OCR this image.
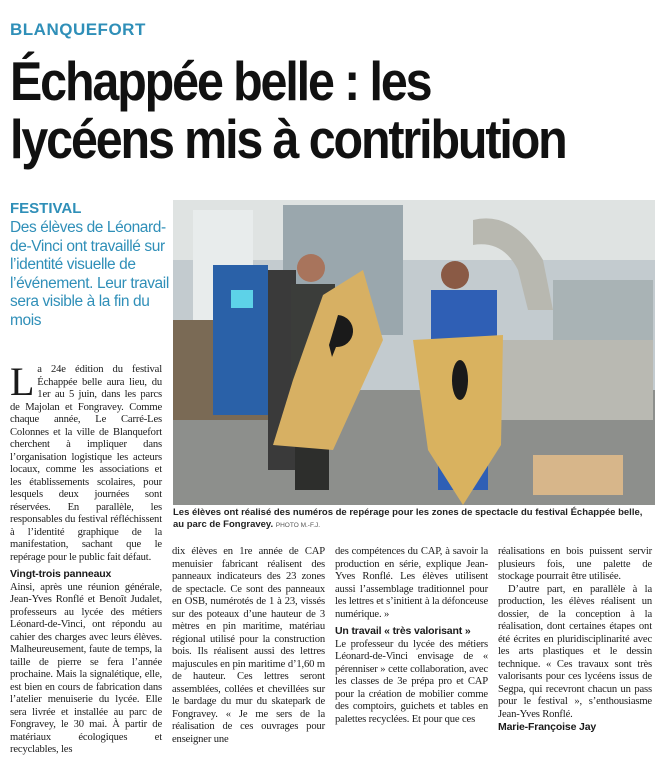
BLANQUEFORT
Échappée belle : les
lycéens mis à contribution
FESTIVAL
Des élèves de Léonard-de-Vinci ont travaillé sur l’identité visuelle de l’événement. Leur travail sera visible à la fin du mois
Les élèves ont réalisé des numéros de repérage pour les zones de spectacle du festival Échappée belle, au parc de Fongravey. PHOTO M.-F.J.

La 24e édition du festival Échappée belle aura lieu, du 1er au 5 juin, dans les parcs de Majolan et Fongravey. Comme chaque année, Le Carré-Les Colonnes et la ville de Blanquefort cherchent à impliquer dans l’organisation logistique les acteurs locaux, comme les associations et les établissements scolaires, pour lesquels deux journées sont réservées. En parallèle, les responsables du festival réfléchissent à l’identité graphique de la manifestation, sachant que le repérage pour le public fait défaut.

Vingt-trois panneaux

Ainsi, après une réunion générale, Jean-Yves Ronflé et Benoît Judalet, professeurs au lycée des métiers Léonard-de-Vinci, ont répondu au cahier des charges avec leurs élèves. Malheureusement, faute de temps, la taille de pierre se fera l’année prochaine. Mais la signalétique, elle, est bien en cours de fabrication dans l’atelier menuiserie du lycée. Elle sera livrée et installée au parc de Fongravey, le 30 mai. À partir de matériaux écologiques et recyclables, les

dix élèves en 1re année de CAP menuisier fabricant réalisent des panneaux indicateurs des 23 zones de spectacle. Ce sont des panneaux en OSB, numérotés de 1 à 23, vissés sur des poteaux d’une hauteur de 3 mètres en pin maritime, matériau régional utilisé pour la construction bois. Ils réalisent aussi des lettres majuscules en pin maritime d’1,60 m de hauteur. Ces lettres seront assemblées, collées et chevillées sur le bardage du mur du skatepark de Fongravey. « Je me sers de la réalisation de ces ouvrages pour enseigner une

des compétences du CAP, à savoir la production en série, explique Jean-Yves Ronflé. Les élèves utilisent aussi l’assemblage traditionnel pour les lettres et s’initient à la défonceuse numérique. »

Un travail « très valorisant »

Le professeur du lycée des métiers Léonard-de-Vinci envisage de « pérenniser » cette collaboration, avec les classes de 3e prépa pro et CAP pour la création de mobilier comme des comptoirs, guichets et tables en palettes recyclées. Et pour que ces

réalisations en bois puissent servir plusieurs fois, une palette de stockage pourrait être utilisée.

D’autre part, en parallèle à la production, les élèves réalisent un dossier, de la conception à la réalisation, dont certaines étapes ont été écrites en pluridisciplinarité avec les arts plastiques et le dessin technique. « Ces travaux sont très valorisants pour ces lycéens issus de Segpa, qui recevront chacun un pass pour le festival », s’enthousiasme Jean-Yves Ronflé.

Marie-Françoise Jay
